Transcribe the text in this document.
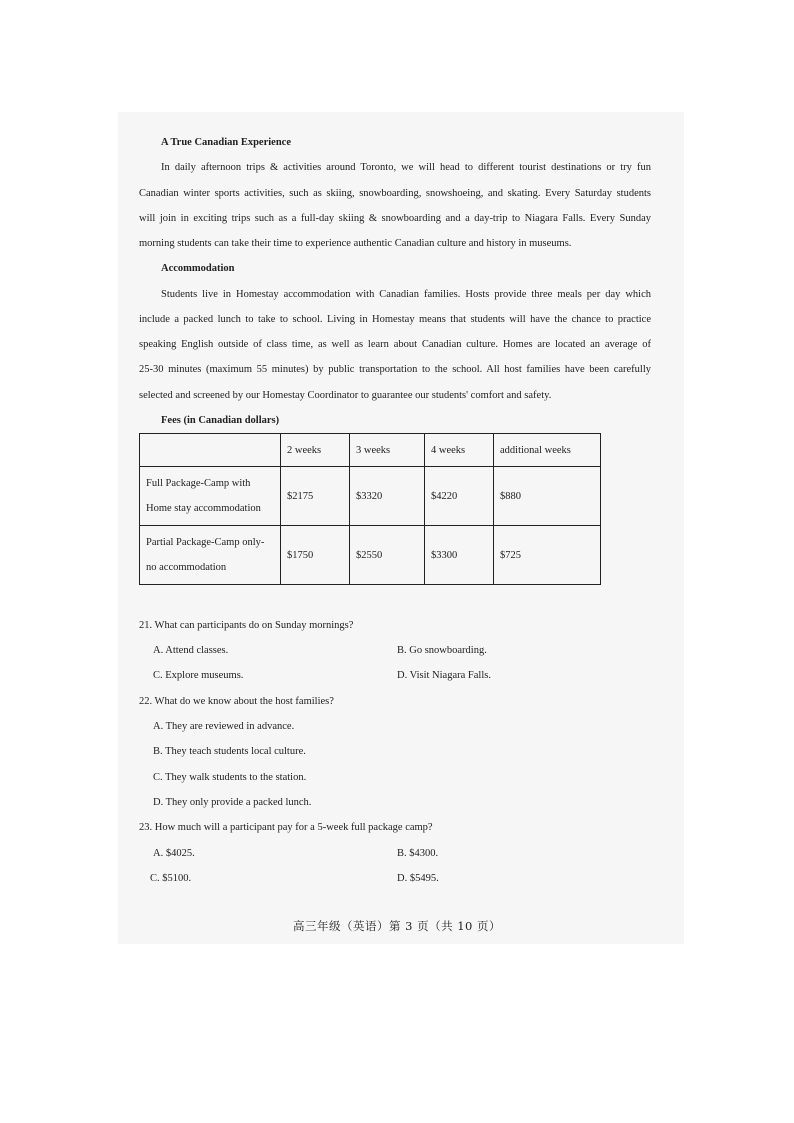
A True Canadian Experience
In daily afternoon trips & activities around Toronto, we will head to different tourist destinations or try fun
Canadian winter sports activities, such as skiing, snowboarding, snowshoeing, and skating. Every Saturday students
will join in exciting trips such as a full-day skiing & snowboarding and a day-trip to Niagara Falls. Every Sunday
morning students can take their time to experience authentic Canadian culture and history in museums.
Accommodation
Students live in Homestay accommodation with Canadian families. Hosts provide three meals per day which
include a packed lunch to take to school. Living in Homestay means that students will have the chance to practice
speaking English outside of class time, as well as learn about Canadian culture. Homes are located an average of
25-30 minutes (maximum 55 minutes) by public transportation to the school. All host families have been carefully
selected and screened by our Homestay Coordinator to guarantee our students' comfort and safety.
Fees (in Canadian dollars)
	2 weeks	3 weeks	4 weeks	additional weeks

Full Package-Camp with
Home stay accommodation	$2175	$3320	$4220	$880

Partial Package-Camp only-
no accommodation	$1750	$2550	$3300	$725
21. What can participants do on Sunday mornings?
A. Attend classes.	B. Go snowboarding.
C. Explore museums.	D. Visit Niagara Falls.
22. What do we know about the host families?
A. They are reviewed in advance.
B. They teach students local culture.
C. They walk students to the station.
D. They only provide a packed lunch.
23. How much will a participant pay for a 5-week full package camp?
A. $4025.	B. $4300.
C. $5100.	D. $5495.
高三年级（英语）第 3 页（共 10 页）
